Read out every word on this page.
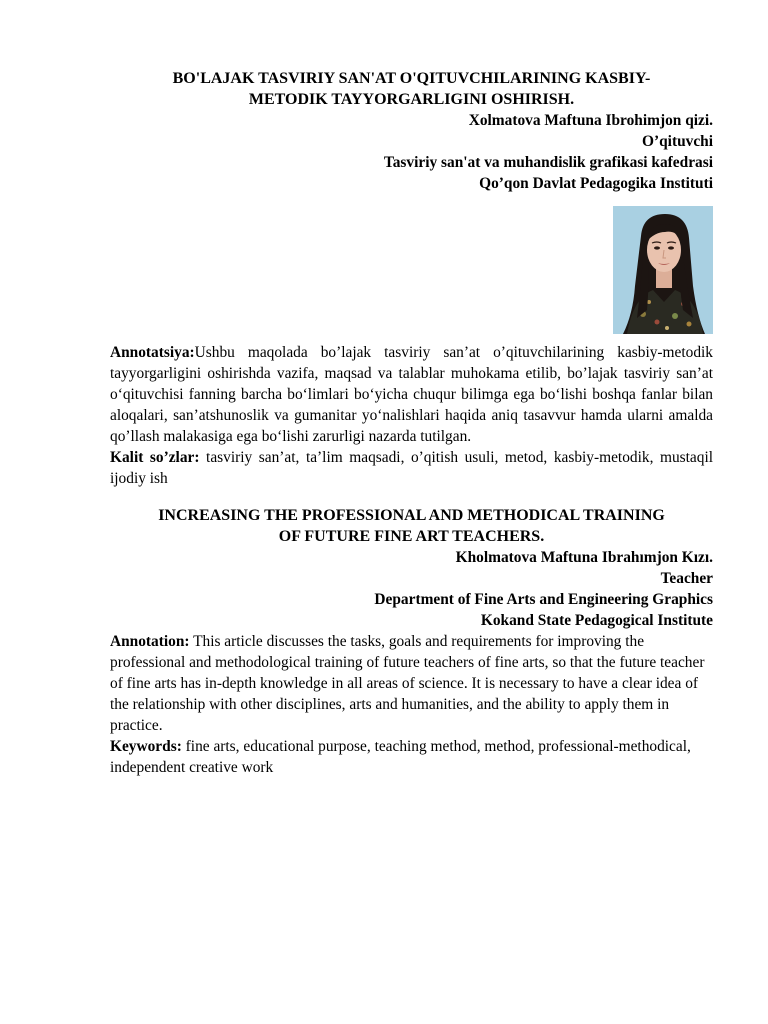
BO'LAJAK TASVIRIY SAN'AT O'QITUVCHILARINING KASBIY-
METODIK TAYYORGARLIGINI OSHIRISH.

Xolmatova Maftuna Ibrohimjon qizi.

O’qituvchi

Tasviriy san'at va muhandislik grafikasi kafedrasi

Qo’qon Davlat Pedagogika Instituti

Annotatsiya:Ushbu maqolada bo’lajak tasviriy san’at o’qituvchilarining kasbiy-metodik tayyorgarligini oshirishda vazifa, maqsad va talablar muhokama etilib, bo’lajak tasviriy san’at o‘qituvchisi fanning barcha bo‘limlari bo‘yicha chuqur bilimga ega bo‘lishi boshqa fanlar bilan aloqalari, san’atshunoslik va gumanitar yo‘nalishlari haqida aniq tasavvur hamda ularni amalda qo’llash malakasiga ega bo‘lishi zarurligi nazarda tutilgan.

Kalit so’zlar: tasviriy san’at, ta’lim maqsadi, o’qitish usuli, metod, kasbiy-metodik, mustaqil ijodiy ish

INCREASING THE PROFESSIONAL AND METHODICAL TRAINING
OF FUTURE FINE ART TEACHERS.

Kholmatova Maftuna Ibrahımjon Kızı.

Teacher

Department of Fine Arts and Engineering Graphics

Kokand State Pedagogical Institute

Annotation: This article discusses the tasks, goals and requirements for improving the professional and methodological training of future teachers of fine arts, so that the future teacher of fine arts has in-depth knowledge in all areas of science. It is necessary to have a clear idea of the relationship with other disciplines, arts and humanities, and the ability to apply them in practice.

Keywords: fine arts, educational purpose, teaching method, method, professional-methodical, independent creative work
